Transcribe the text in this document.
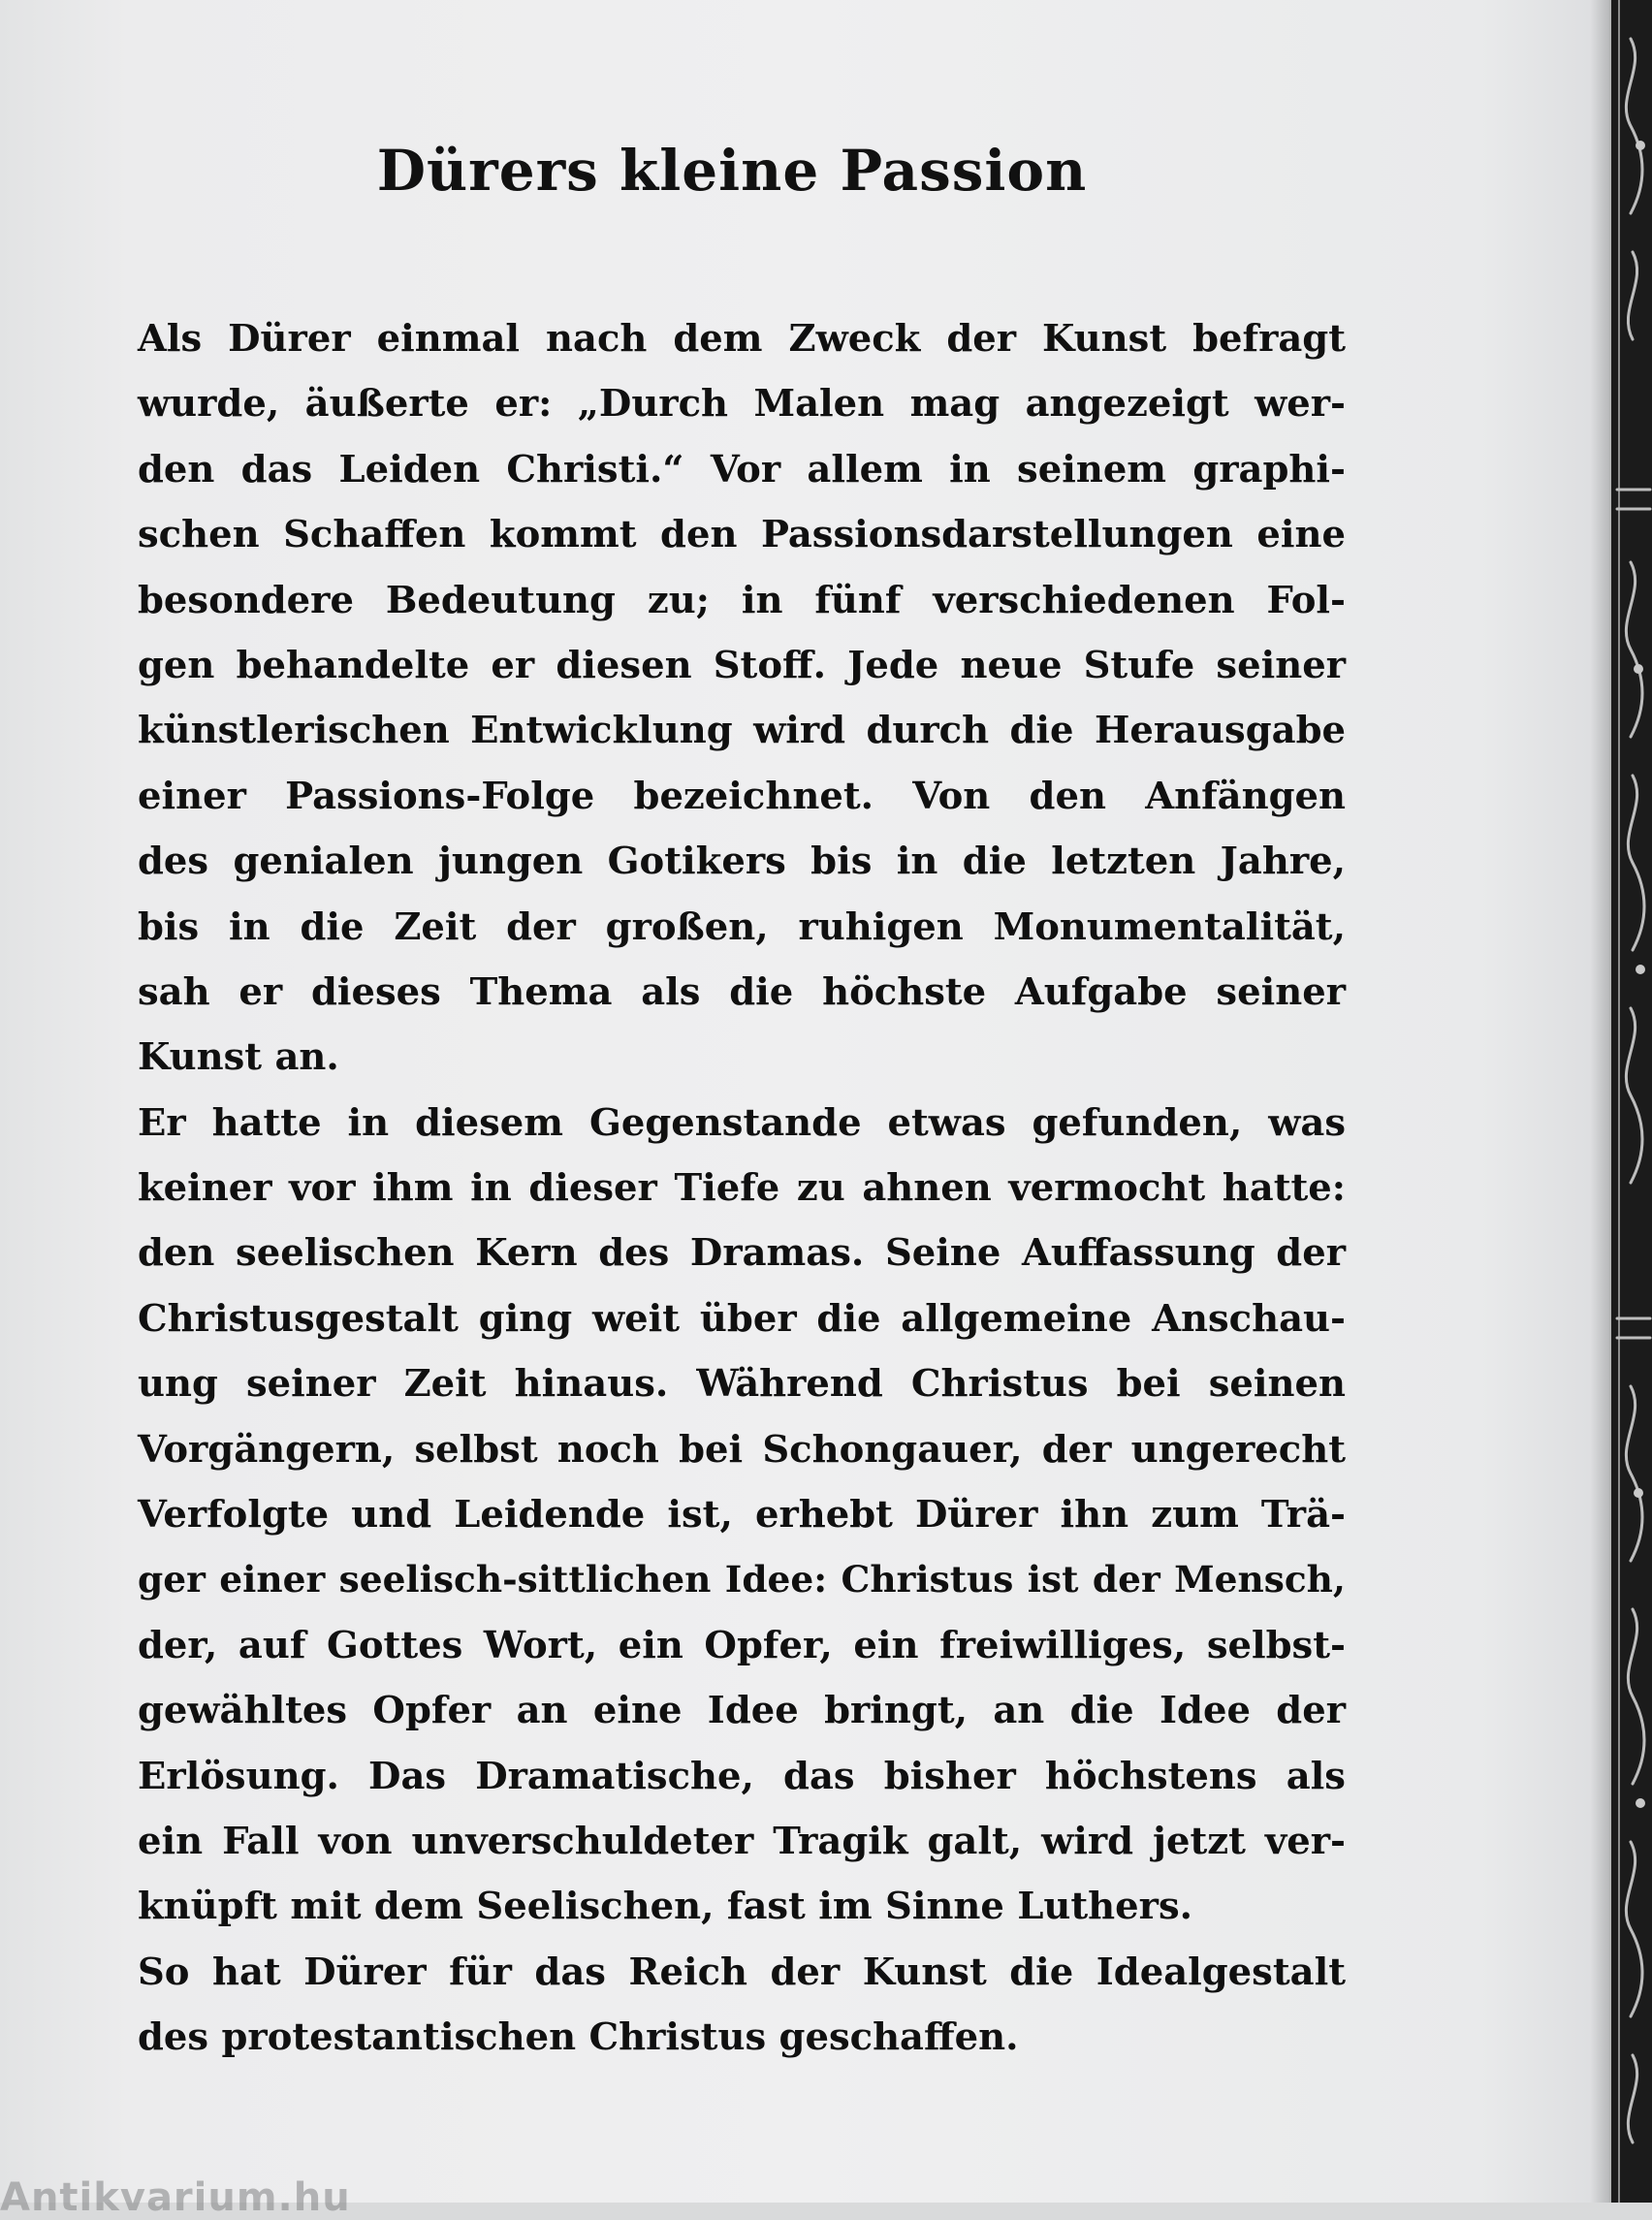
Dürers kleine Passion
Als Dürer einmal nach dem Zweck der Kunst befragt
wurde, äußerte er: „Durch Malen mag angezeigt wer-
den das Leiden Christi.“ Vor allem in seinem graphi-
schen Schaffen kommt den Passionsdarstellungen eine
besondere Bedeutung zu; in fünf verschiedenen Fol-
gen behandelte er diesen Stoff. Jede neue Stufe seiner
künstlerischen Entwicklung wird durch die Herausgabe
einer Passions-Folge bezeichnet. Von den Anfängen
des genialen jungen Gotikers bis in die letzten Jahre,
bis in die Zeit der großen, ruhigen Monumentalität,
sah er dieses Thema als die höchste Aufgabe seiner
Kunst an.
Er hatte in diesem Gegenstande etwas gefunden, was
keiner vor ihm in dieser Tiefe zu ahnen vermocht hatte:
den seelischen Kern des Dramas. Seine Auffassung der
Christusgestalt ging weit über die allgemeine Anschau-
ung seiner Zeit hinaus. Während Christus bei seinen
Vorgängern, selbst noch bei Schongauer, der ungerecht
Verfolgte und Leidende ist, erhebt Dürer ihn zum Trä-
ger einer seelisch-sittlichen Idee: Christus ist der Mensch,
der, auf Gottes Wort, ein Opfer, ein freiwilliges, selbst-
gewähltes Opfer an eine Idee bringt, an die Idee der
Erlösung. Das Dramatische, das bisher höchstens als
ein Fall von unverschuldeter Tragik galt, wird jetzt ver-
knüpft mit dem Seelischen, fast im Sinne Luthers.
So hat Dürer für das Reich der Kunst die Idealgestalt
des protestantischen Christus geschaffen.
Antikvarium.hu
